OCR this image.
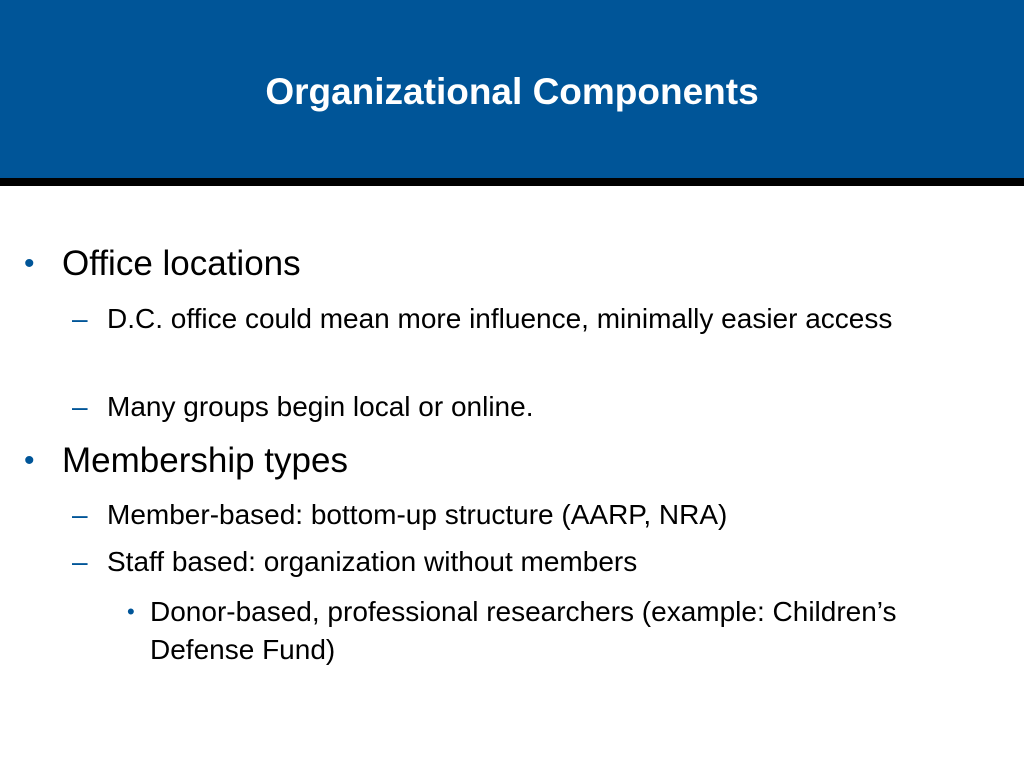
Organizational Components
• Office locations
– D.C. office could mean more influence, minimally easier access
– Many groups begin local or online.
• Membership types
– Member-based: bottom-up structure (AARP, NRA)
– Staff based: organization without members
• Donor-based, professional researchers (example: Children’s Defense Fund)
